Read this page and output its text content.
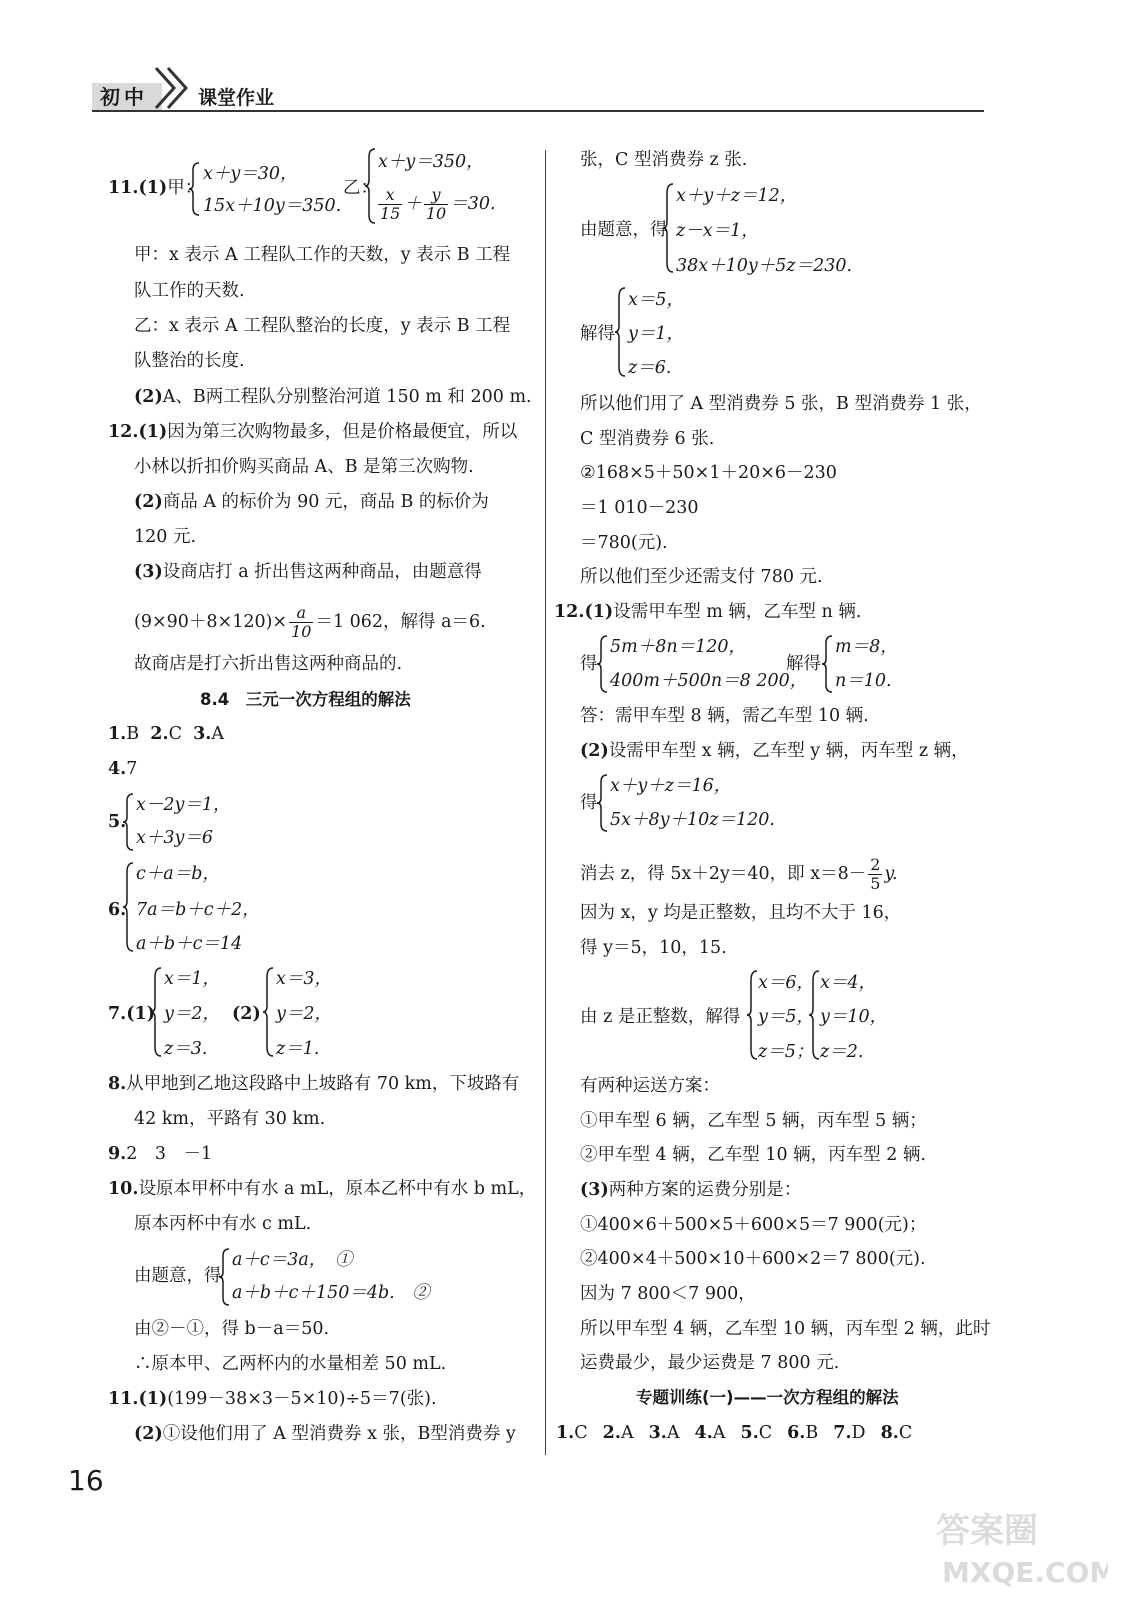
初中	课堂作业
11.(1)甲：
x＋y＝30，
15x＋10y＝350.
乙：
x＋y＝350，
$\frac{x}{15} + \frac{y}{10} =30$.
甲：x 表示 A 工程队工作的天数，y 表示 B 工程
队工作的天数.
乙：x 表示 A 工程队整治的长度，y 表示 B 工程
队整治的长度.
(2)A、B两工程队分别整治河道 150 m 和 200 m.
12.(1)因为第三次购物最多，但是价格最便宜，所以
小林以折扣价购买商品 A、B 是第三次购物.
(2)商品 A 的标价为 90 元，商品 B 的标价为
120 元.
(3)设商店打 a 折出售这两种商品，由题意得
$(9\times 90+8\times 120)\times \frac{a}{10} =1$ 062，解得 a＝6.
故商店是打六折出售这两种商品的.
8.4　三元一次方程组的解法
1.B 2.C 3.A
4.7
5.
x－2y＝1，
x＋3y＝6
6.
c＋a＝b，
7a＝b＋c＋2，
a＋b＋c＝14
7.(1)
x＝1，
y＝2，
z＝3.
(2)
x＝3，
y＝2，
z＝1.
8.从甲地到乙地这段路中上坡路有 70 km，下坡路有
42 km，平路有 30 km.
9.2　3　－1
10.设原本甲杯中有水 a mL，原本乙杯中有水 b mL，
原本丙杯中有水 c mL.
由题意，得
a＋c＝3a，　①
a＋b＋c＋150＝4b.　②
由②－①，得 b－a＝50.
∴原本甲、乙两杯内的水量相差 50 mL.
11.(1)(199－38×3－5×10)÷5＝7(张).
(2)①设他们用了 A 型消费券 x 张，B型消费券 y
张，C 型消费券 z 张.
由题意，得
x＋y＋z＝12，
z－x＝1，
38x＋10y＋5z＝230.
解得
x＝5，
y＝1，
z＝6.
所以他们用了 A 型消费券 5 张，B 型消费券 1 张，
C 型消费券 6 张.
②168×5＋50×1＋20×6－230
＝1 010－230
＝780(元).
所以他们至少还需支付 780 元.
12.(1)设需甲车型 m 辆，乙车型 n 辆.
得
5m＋8n＝120，
400m＋500n＝8 200，
解得
m＝8，
n＝10.
答：需甲车型 8 辆，需乙车型 10 辆.
(2)设需甲车型 x 辆，乙车型 y 辆，丙车型 z 辆，
得
x＋y＋z＝16，
5x＋8y＋10z＝120.
消去 z，得 5x＋2y＝40，即 $x=8- \frac{2}{5} y$.
因为 x，y 均是正整数，且均不大于 16，
得 y＝5，10，15.
由 z 是正整数，解得
x＝6，
y＝5，
z＝5；
x＝4，
y＝10，
z＝2.
有两种运送方案：
①甲车型 6 辆，乙车型 5 辆，丙车型 5 辆；
②甲车型 4 辆，乙车型 10 辆，丙车型 2 辆.
(3)两种方案的运费分别是：
①400×6＋500×5＋600×5＝7 900(元)；
②400×4＋500×10＋600×2＝7 800(元).
因为 7 800＜7 900，
所以甲车型 4 辆，乙车型 10 辆，丙车型 2 辆，此时
运费最少，最少运费是 7 800 元.
专题训练(一)——一次方程组的解法
1.C 2.A 3.A 4.A 5.C 6.B 7.D 8.C
16
答案圈
MXQE.COM
